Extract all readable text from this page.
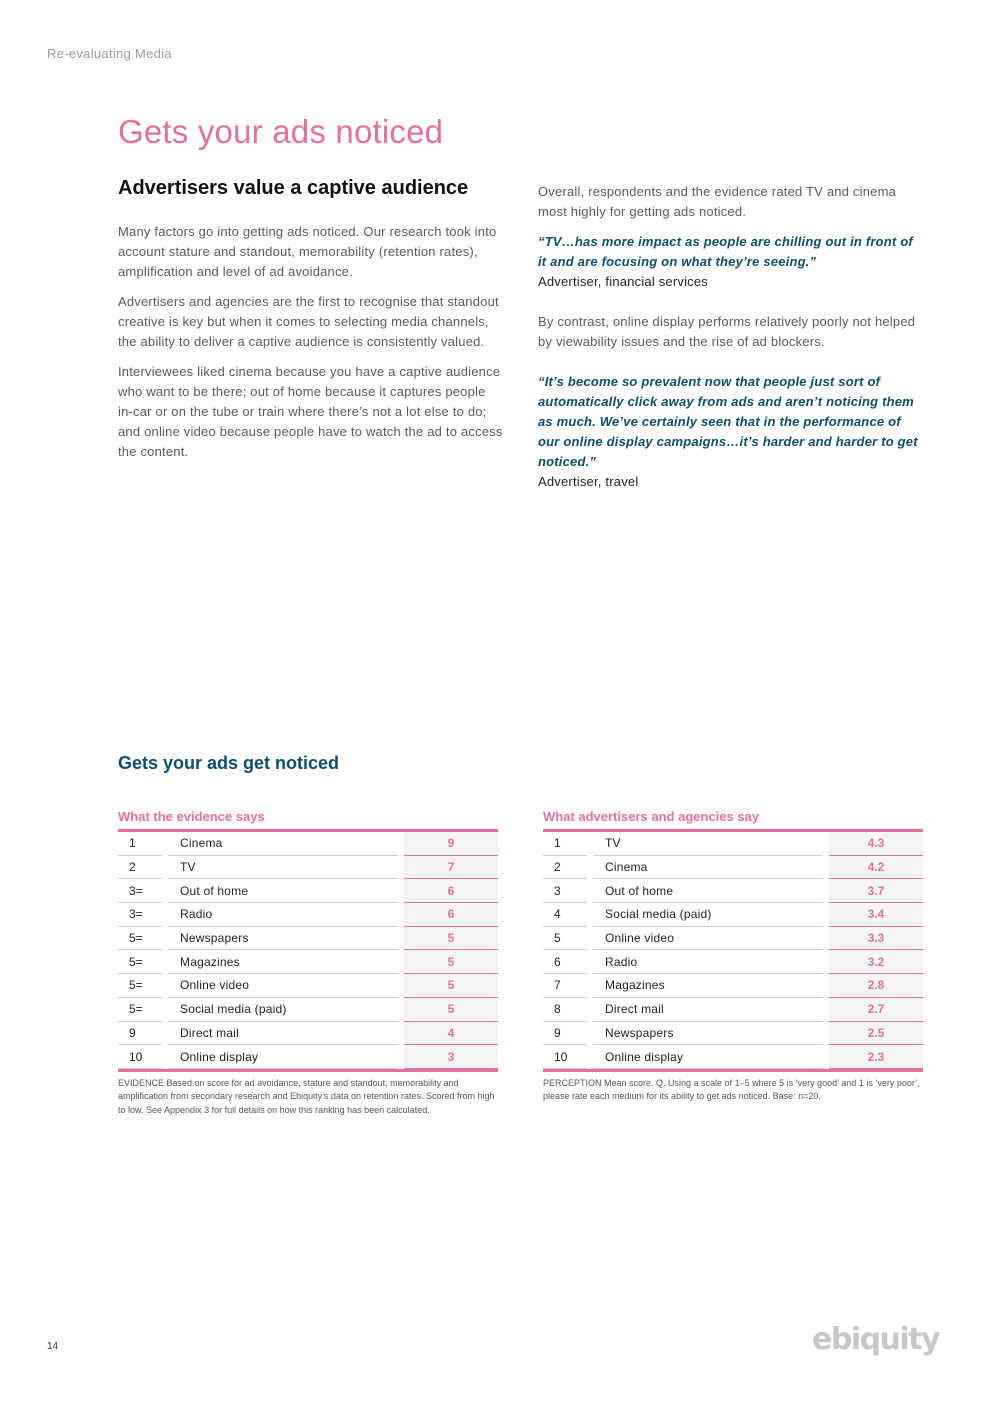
Re-evaluating Media
Gets your ads noticed
Advertisers value a captive audience

Many factors go into getting ads noticed. Our research took into account stature and standout, memorability (retention rates), amplification and level of ad avoidance.

Advertisers and agencies are the first to recognise that standout creative is key but when it comes to selecting media channels, the ability to deliver a captive audience is consistently valued.

Interviewees liked cinema because you have a captive audience who want to be there; out of home because it captures people in-car or on the tube or train where there’s not a lot else to do; and online video because people have to watch the ad to access the content.

Overall, respondents and the evidence rated TV and cinema most highly for getting ads noticed.

“TV…has more impact as people are chilling out in front of it and are focusing on what they’re seeing.”

Advertiser, financial services

By contrast, online display performs relatively poorly not helped by viewability issues and the rise of ad blockers.

“It’s become so prevalent now that people just sort of automatically click away from ads and aren’t noticing them as much. We’ve certainly seen that in the performance of our online display campaigns…it’s harder and harder to get noticed.”

Advertiser, travel

Gets your ads get noticed
What the evidence says
1	Cinema	9
2	TV	7
3=	Out of home	6
3=	Radio	6
5=	Newspapers	5
5=	Magazines	5
5=	Online video	5
5=	Social media (paid)	5
9	Direct mail	4
10	Online display	3
EVIDENCE Based on score for ad avoidance, stature and standout, memorability and amplification from secondary research and Ebiquity’s data on retention rates. Scored from high to low. See Appendix 3 for full details on how this ranking has been calculated.
What advertisers and agencies say
1	TV	4.3
2	Cinema	4.2
3	Out of home	3.7
4	Social media (paid)	3.4
5	Online video	3.3
6	Radio	3.2
7	Magazines	2.8
8	Direct mail	2.7
9	Newspapers	2.5
10	Online display	2.3
PERCEPTION Mean score. Q. Using a scale of 1–5 where 5 is ‘very good’ and 1 is ‘very poor’, please rate each medium for its ability to get ads noticed. Base: n=20.
14	ebiquity
